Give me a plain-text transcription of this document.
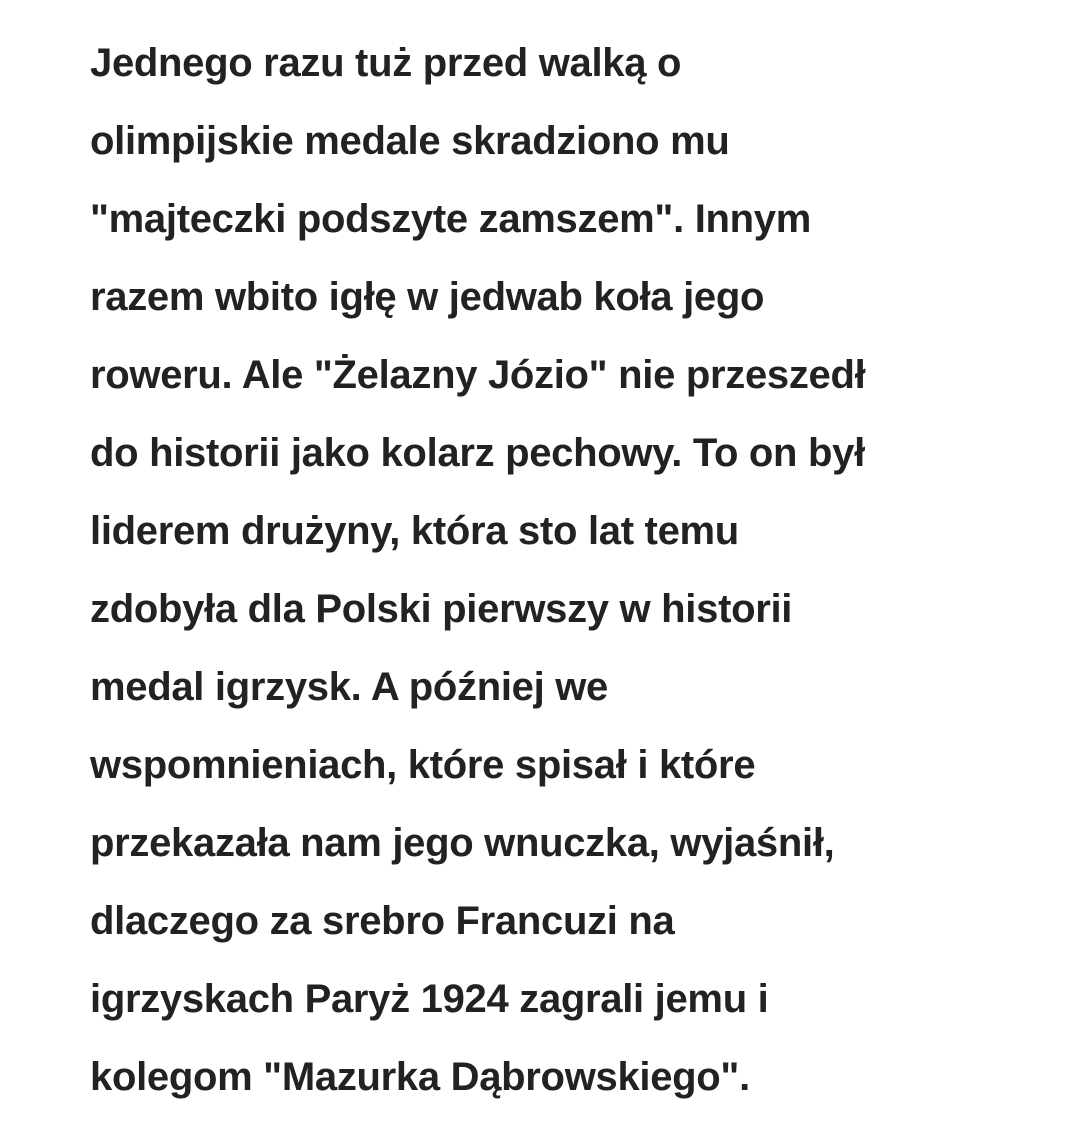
Jednego razu tuż przed walką o
olimpijskie medale skradziono mu
"majteczki podszyte zamszem". Innym
razem wbito igłę w jedwab koła jego
roweru. Ale "Żelazny Józio" nie przeszedł
do historii jako kolarz pechowy. To on był
liderem drużyny, która sto lat temu
zdobyła dla Polski pierwszy w historii
medal igrzysk. A później we
wspomnieniach, które spisał i które
przekazała nam jego wnuczka, wyjaśnił,
dlaczego za srebro Francuzi na
igrzyskach Paryż 1924 zagrali jemu i
kolegom "Mazurka Dąbrowskiego".
